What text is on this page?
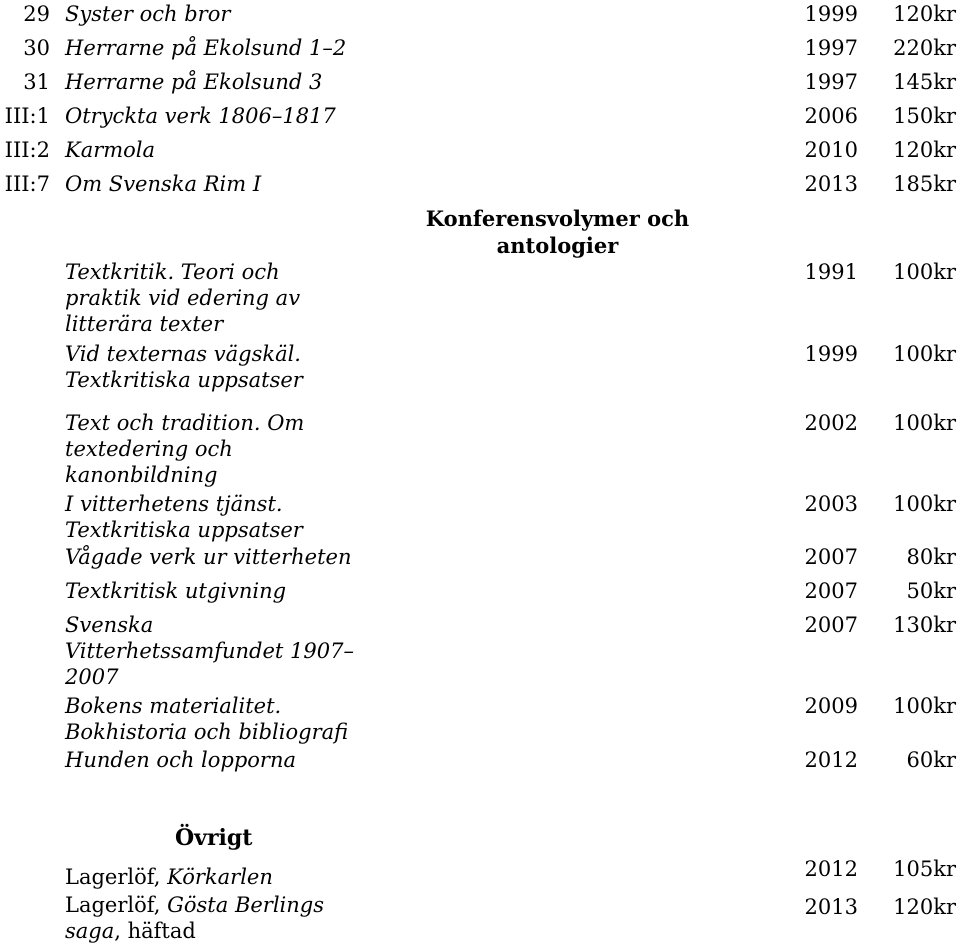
29 Syster och bror	1999 120kr
30 Herrarne på Ekolsund 1–2	1997 220kr
31 Herrarne på Ekolsund 3	1997 145kr
III:1 Otryckta verk 1806–1817	2006 150kr
III:2 Karmola	2010 120kr
III:7 Om Svenska Rim I	2013 185kr
Konferensvolymer och
antologier
Textkritik. Teori och
praktik vid edering av
litterära texter
1991 100kr
Vid texternas vägskäl.
Textkritiska uppsatser
1999 100kr
Text och tradition. Om
textedering och
kanonbildning
2002 100kr
I vitterhetens tjänst.
Textkritiska uppsatser
2003 100kr
Vågade verk ur vitterheten	2007 80kr
Textkritisk utgivning	2007 50kr
Svenska
Vitterhetssamfundet 1907–
2007
2007 130kr
Bokens materialitet.
Bokhistoria och bibliografi
2009 100kr
Hunden och lopporna	2012 60kr
Övrigt
Lagerlöf, Körkarlen	2012 105kr
Lagerlöf, Gösta Berlings
saga, häftad
2013 120kr
